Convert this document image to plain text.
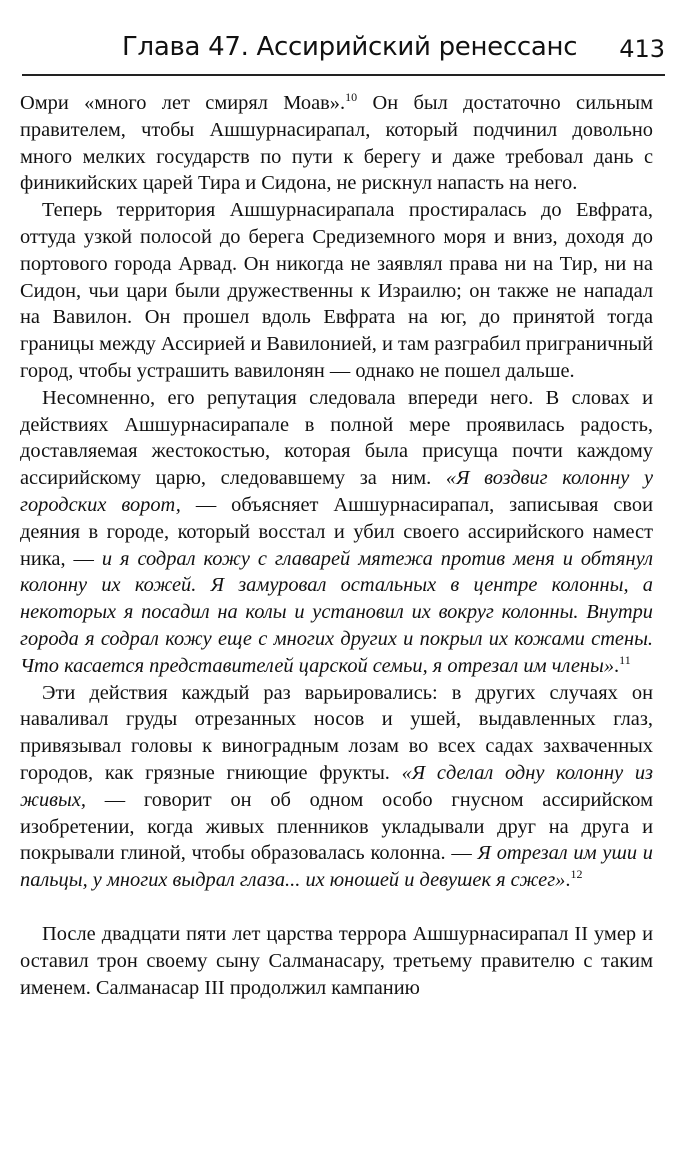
Глава 47. Ассирийский ренессанс 413

Омри «много лет смирял Моав».$^{10}$ Он был достаточно сильным правителем, чтобы Ашшурнасирапал, который подчинил довольно много мелких государств по пути к берегу и даже требовал дань с финикийских царей Тира и Сидона, не рискнул напасть на него.

Теперь территория Ашшурнасирапала простиралась до Евфрата, оттуда узкой полосой до берега Средиземного моря и вниз, доходя до портового города Арвад. Он никогда не заявлял права ни на Тир, ни на Сидон, чьи цари были дружественны к Израилю; он также не нападал на Вавилон. Он прошел вдоль Евфрата на юг, до принятой тогда границы между Ассирией и Вавилонией, и там разграбил приграничный город, чтобы устрашить вавилонян — однако не пошел дальше.

Несомненно, его репутация следовала впереди него. В словах и действиях Ашшурнасирапале в полной мере проявилась радость, доставляемая жестокостью, которая была присуща почти каждому ассирийскому царю, следовавшему за ним. «Я воздвиг колонну у городских ворот, — объясняет Ашшурнасирапал, записывая свои деяния в городе, который восстал и убил своего ассирийского намест ника, — и я содрал кожу с главарей мятежа против меня и обтянул колонну их кожей. Я замуровал остальных в центре колонны, а некоторых я посадил на колы и установил их вокруг колонны. Внутри города я содрал кожу еще с многих других и покрыл их кожами стены. Что касается представителей царской семьи, я отрезал им члены».$^{11}$

Эти действия каждый раз варьировались: в других случаях он наваливал груды отрезанных носов и ушей, выдавленных глаз, привязывал головы к виноградным лозам во всех садах захваченных городов, как грязные гниющие фрукты. «Я сделал одну колонну из живых, — говорит он об одном особо гнусном ассирийском изобретении, когда живых пленников укладывали друг на друга и покрывали глиной, чтобы образовалась колонна. — Я отрезал им уши и пальцы, у многих выдрал глаза... их юношей и девушек я сжег».$^{12}$

После двадцати пяти лет царства террора Ашшурнасирапал II умер и оставил трон своему сыну Салманасару, третьему правителю с таким именем. Салманасар III продолжил кампанию
